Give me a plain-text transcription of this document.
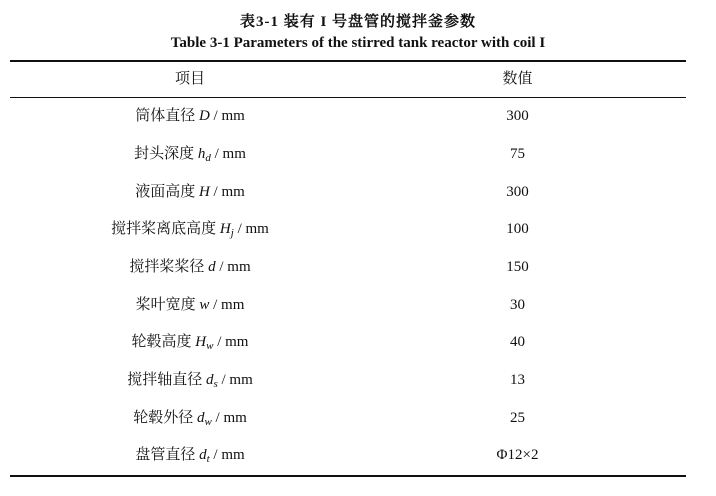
表3-1 装有 I 号盘管的搅拌釜参数
Table 3-1 Parameters of the stirred tank reactor with coil I
项目	数值
筒体直径 D / mm	300
封头深度 $h_d$ / mm	75
液面高度 H / mm	300
搅拌桨离底高度 $H_j$ / mm	100
搅拌桨桨径 d / mm	150
桨叶宽度 w / mm	30
轮毂高度 $H_w$ / mm	40
搅拌轴直径 $d_s$ / mm	13
轮毂外径 $d_w$ / mm	25
盘管直径 $d_t$ / mm	Φ12×2
